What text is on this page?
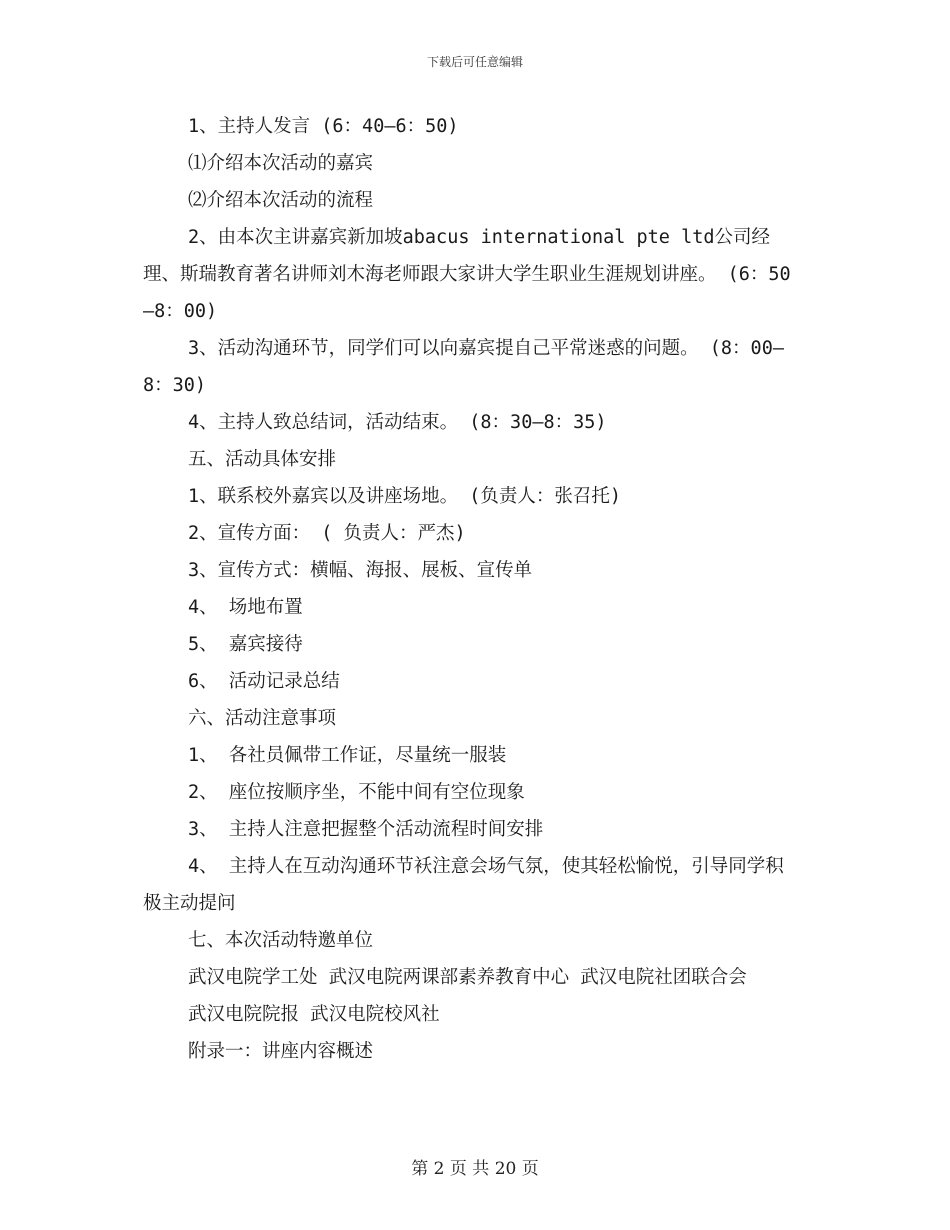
下载后可任意编辑

1、主持人发言 (6：40—6：50)

⑴介绍本次活动的嘉宾

⑵介绍本次活动的流程

2、由本次主讲嘉宾新加坡abacus international pte ltd公司经理、斯瑞教育著名讲师刘木海老师跟大家讲大学生职业生涯规划讲座。 (6：50—8：00)

3、活动沟通环节，同学们可以向嘉宾提自己平常迷惑的问题。 (8：00—8：30)

4、主持人致总结词，活动结束。 (8：30—8：35)

五、活动具体安排

1、联系校外嘉宾以及讲座场地。 (负责人：张召托)

2、宣传方面： ( 负责人：严杰)

3、宣传方式：横幅、海报、展板、宣传单

4、 场地布置

5、 嘉宾接待

6、 活动记录总结

六、活动注意事项

1、 各社员佩带工作证，尽量统一服装

2、 座位按顺序坐，不能中间有空位现象

3、 主持人注意把握整个活动流程时间安排

4、 主持人在互动沟通环节袄注意会场气氛，使其轻松愉悦，引导同学积极主动提问

七、本次活动特邀单位

武汉电院学工处 武汉电院两课部素养教育中心 武汉电院社团联合会

武汉电院院报 武汉电院校风社

附录一：讲座内容概述

第 2 页 共 20 页
